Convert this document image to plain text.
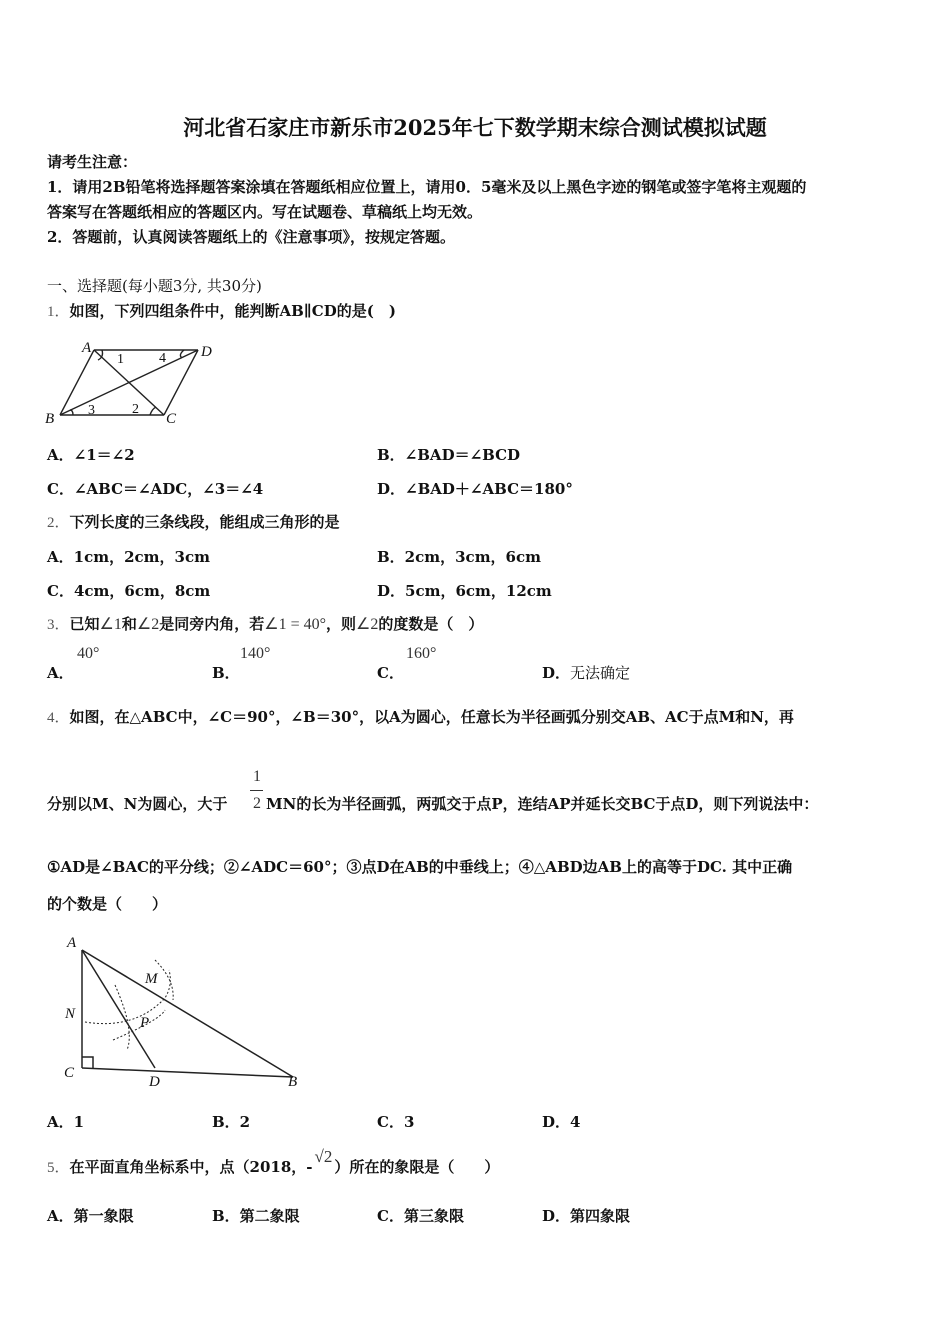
河北省石家庄市新乐市2025年七下数学期末综合测试模拟试题
请考生注意：
1．请用2B铅笔将选择题答案涂填在答题纸相应位置上，请用0．5毫米及以上黑色字迹的钢笔或签字笔将主观题的
答案写在答题纸相应的答题区内。写在试题卷、草稿纸上均无效。
2．答题前，认真阅读答题纸上的《注意事项》，按规定答题。
一、选择题(每小题3分, 共30分)
1．如图，下列四组条件中，能判断AB∥CD的是(　)
A	D
B	C
1	4
3	2
A．∠1＝∠2	B．∠BAD＝∠BCD
C．∠ABC＝∠ADC，∠3＝∠4	D．∠BAD＋∠ABC＝180°
2．下列长度的三条线段，能组成三角形的是
A．1cm，2cm，3cm	B．2cm，3cm，6cm
C．4cm，6cm，8cm	D．5cm，6cm，12cm
3．已知∠1和∠2是同旁内角，若∠1 = 40°，则∠2的度数是（　）
A．
40°
B．
140°
C．
160°
D．无法确定
4．如图，在△ABC中，∠C＝90°，∠B＝30°，以A为圆心，任意长为半径画弧分别交AB、AC于点M和N，再
1
2
分别以M、N为圆心，大于	MN的长为半径画弧，两弧交于点P，连结AP并延长交BC于点D，则下列说法中：
①AD是∠BAC的平分线；②∠ADC＝60°；③点D在AB的中垂线上；④△ABD边AB上的高等于DC. 其中正确
的个数是（　　）
A
M
N
P
C
D	B
A．1	B．2	C．3	D．4
5．在平面直角坐标系中，点（2018，-√2）所在的象限是（　　）
A．第一象限	B．第二象限	C．第三象限	D．第四象限
